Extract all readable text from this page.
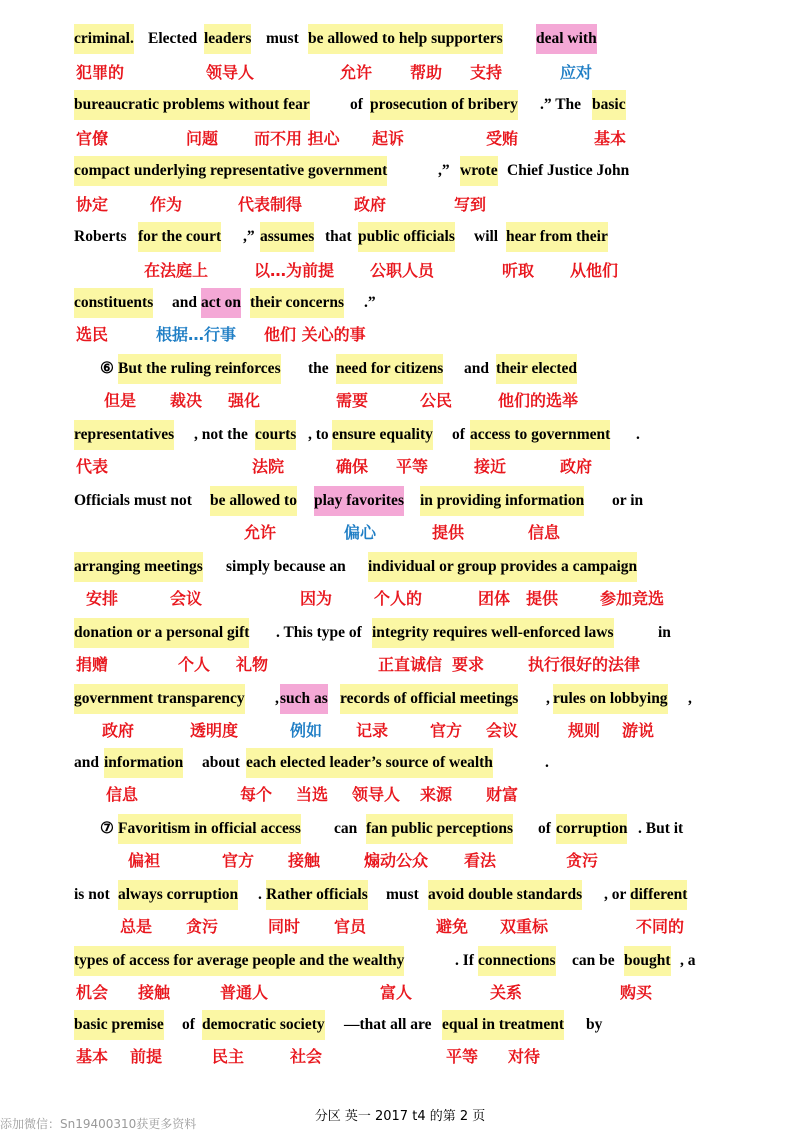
criminal. Elected leaders must be allowed to help supporters deal with
犯罪的	领导人	允许 帮助 支持	应对
bureaucratic problems without fear	of prosecution of bribery .” The basic
官僚	问题 而不用 担心 起诉	受贿	基本
compact underlying representative government	,” wrote Chief Justice John
协定	作为	代表制得	政府	写到
Roberts for the court ,” assumes that public officials will hear from their
在法庭上	以…为前提 公职人员	听取 从他们
constituents and act on their concerns .”
选民	根据…行事 他们 关心的事
⑥ But the ruling reinforces the need for citizens and their elected
但是 裁决 强化	需要	公民	他们的选举
representatives , not the courts , to ensure equality of access to government .
代表	法院	确保 平等	接近	政府
Officials must not be allowed to play favorites in providing information or in
允许	偏心	提供	信息
arranging meetings simply because an individual or group provides a campaign
安排	会议	因为	个人的	团体 提供	参加竞选
donation or a personal gift . This type of integrity requires well-enforced laws	in
捐赠	个人 礼物	正直诚信 要求	执行很好的法律
government transparency , such as records of official meetings , rules on lobbying ,
政府	透明度	例如 记录	官方 会议	规则 游说
and information about each elected leader’s source of wealth	.
信息	每个 当选 领导人 来源 财富
⑦ Favoritism in official access can fan public perceptions of corruption . But it
偏袒	官方 接触	煽动公众 看法	贪污
is not always corruption . Rather officials must avoid double standards , or different
总是 贪污	同时 官员	避免 双重标	不同的
types of access for average people and the wealthy	. If connections can be bought , a
机会 接触	普通人	富人	关系	购买
basic premise of democratic society —that all are equal in treatment by
基本 前提	民主	社会	平等 对待
分区 英一 2017 t4 的第 2 页
添加微信：Sn19400310获更多资料
